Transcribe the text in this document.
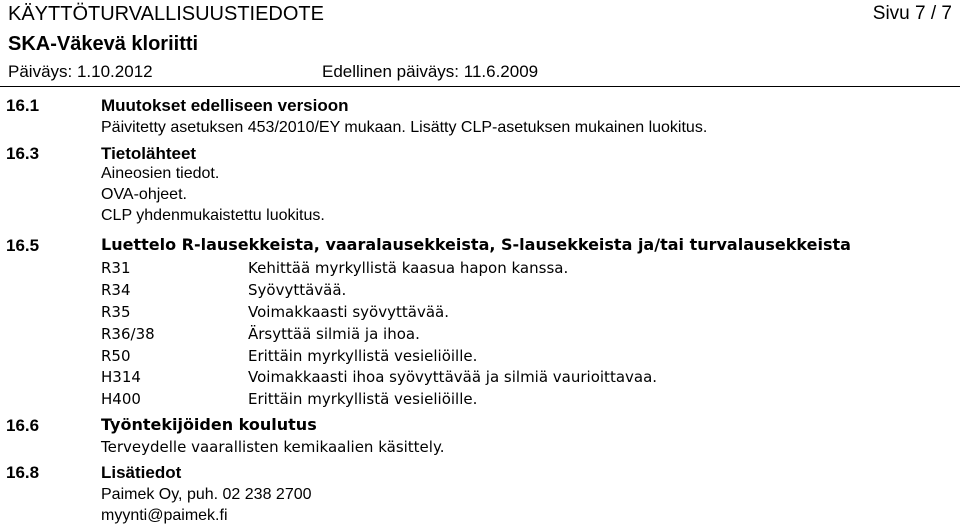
KÄYTTÖTURVALLISUUSTIEDOTE	Sivu 7 / 7
SKA-Väkevä kloriitti
Päiväys: 1.10.2012	Edellinen päiväys: 11.6.2009
16.1	Muutokset edelliseen versioon
Päivitetty asetuksen 453/2010/EY mukaan. Lisätty CLP-asetuksen mukainen luokitus.
16.3	Tietolähteet
Aineosien tiedot.
OVA-ohjeet.
CLP yhdenmukaistettu luokitus.
16.5	Luettelo R-lausekkeista, vaaralausekkeista, S-lausekkeista ja/tai turvalausekkeista
R31	Kehittää myrkyllistä kaasua hapon kanssa.
R34	Syövyttävää.
R35	Voimakkaasti syövyttävää.
R36/38	Ärsyttää silmiä ja ihoa.
R50	Erittäin myrkyllistä vesieliöille.
H314	Voimakkaasti ihoa syövyttävää ja silmiä vaurioittavaa.
H400	Erittäin myrkyllistä vesieliöille.
16.6	Työntekijöiden koulutus
Terveydelle vaarallisten kemikaalien käsittely.
16.8	Lisätiedot
Paimek Oy, puh. 02 238 2700
myynti@paimek.fi
